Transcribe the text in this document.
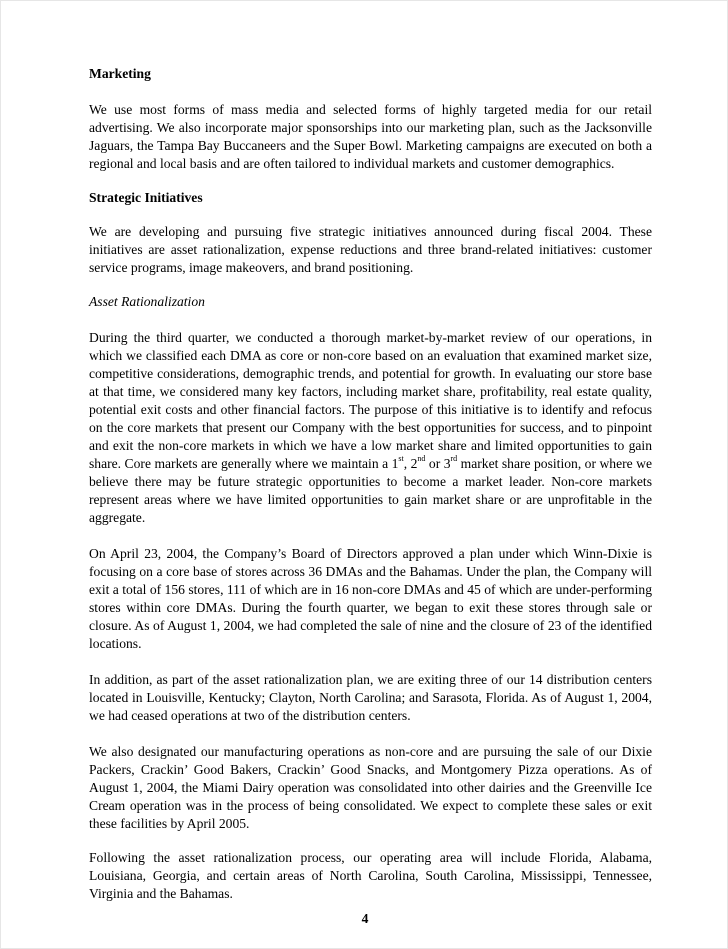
Marketing

We use most forms of mass media and selected forms of highly targeted media for our retail advertising. We also incorporate major sponsorships into our marketing plan, such as the Jacksonville Jaguars, the Tampa Bay Buccaneers and the Super Bowl. Marketing campaigns are executed on both a regional and local basis and are often tailored to individual markets and customer demographics.

Strategic Initiatives

We are developing and pursuing five strategic initiatives announced during fiscal 2004. These initiatives are asset rationalization, expense reductions and three brand-related initiatives: customer service programs, image makeovers, and brand positioning.

Asset Rationalization

During the third quarter, we conducted a thorough market-by-market review of our operations, in which we classified each DMA as core or non-core based on an evaluation that examined market size, competitive considerations, demographic trends, and potential for growth. In evaluating our store base at that time, we considered many key factors, including market share, profitability, real estate quality, potential exit costs and other financial factors. The purpose of this initiative is to identify and refocus on the core markets that present our Company with the best opportunities for success, and to pinpoint and exit the non-core markets in which we have a low market share and limited opportunities to gain share. Core markets are generally where we maintain a 1st, 2nd or 3rd market share position, or where we believe there may be future strategic opportunities to become a market leader. Non-core markets represent areas where we have limited opportunities to gain market share or are unprofitable in the aggregate.

On April 23, 2004, the Company’s Board of Directors approved a plan under which Winn-Dixie is focusing on a core base of stores across 36 DMAs and the Bahamas. Under the plan, the Company will exit a total of 156 stores, 111 of which are in 16 non-core DMAs and 45 of which are under-performing stores within core DMAs. During the fourth quarter, we began to exit these stores through sale or closure. As of August 1, 2004, we had completed the sale of nine and the closure of 23 of the identified locations.

In addition, as part of the asset rationalization plan, we are exiting three of our 14 distribution centers located in Louisville, Kentucky; Clayton, North Carolina; and Sarasota, Florida. As of August 1, 2004, we had ceased operations at two of the distribution centers.

We also designated our manufacturing operations as non-core and are pursuing the sale of our Dixie Packers, Crackin’ Good Bakers, Crackin’ Good Snacks, and Montgomery Pizza operations. As of August 1, 2004, the Miami Dairy operation was consolidated into other dairies and the Greenville Ice Cream operation was in the process of being consolidated. We expect to complete these sales or exit these facilities by April 2005.

Following the asset rationalization process, our operating area will include Florida, Alabama, Louisiana, Georgia, and certain areas of North Carolina, South Carolina, Mississippi, Tennessee, Virginia and the Bahamas.

4
